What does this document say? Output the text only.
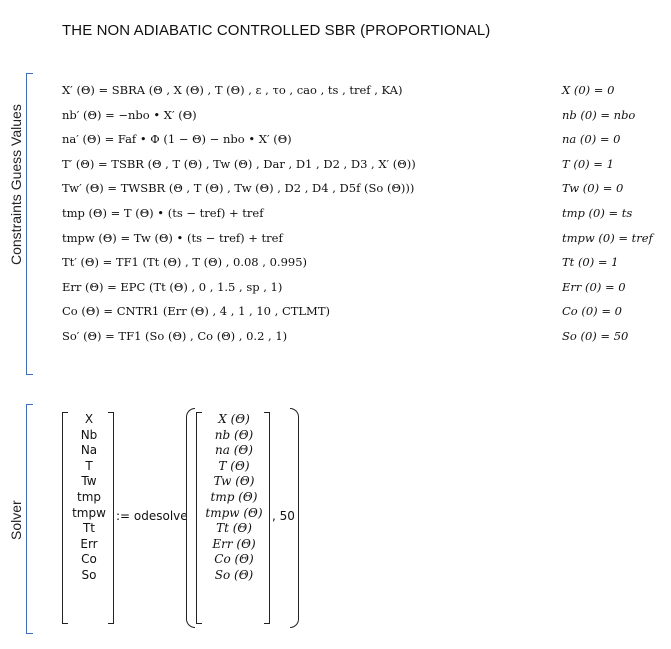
THE NON ADIABATIC CONTROLLED SBR (PROPORTIONAL)
Constraints Guess Values
Solver
X′ (Θ) = SBRA (Θ , X (Θ) , T (Θ) , ε , τo , cao , ts , tref , KA)
nb′ (Θ) = −nbo • X′ (Θ)
na′ (Θ) = Faf • Φ (1 − Θ) − nbo • X′ (Θ)
T′ (Θ) = TSBR (Θ , T (Θ) , Tw (Θ) , Dar , D1 , D2 , D3 , X′ (Θ))
Tw′ (Θ) = TWSBR (Θ , T (Θ) , Tw (Θ) , D2 , D4 , D5f (So (Θ)))
tmp (Θ) = T (Θ) • (ts − tref) + tref
tmpw (Θ) = Tw (Θ) • (ts − tref) + tref
Tt′ (Θ) = TF1 (Tt (Θ) , T (Θ) , 0.08 , 0.995)
Err (Θ) = EPC (Tt (Θ) , 0 , 1.5 , sp , 1)
Co (Θ) = CNTR1 (Err (Θ) , 4 , 1 , 10 , CTLMT)
So′ (Θ) = TF1 (So (Θ) , Co (Θ) , 0.2 , 1)
X (0) = 0
nb (0) = nbo
na (0) = 0
T (0) = 1
Tw (0) = 0
tmp (0) = ts
tmpw (0) = tref
Tt (0) = 1
Err (0) = 0
Co (0) = 0
So (0) = 50
X
Nb
Na
T
Tw
tmp
tmpw
Tt
Err
Co
So
:= odesolve
X (Θ)
nb (Θ)
na (Θ)
T (Θ)
Tw (Θ)
tmp (Θ)
tmpw (Θ)
Tt (Θ)
Err (Θ)
Co (Θ)
So (Θ)
, 50
